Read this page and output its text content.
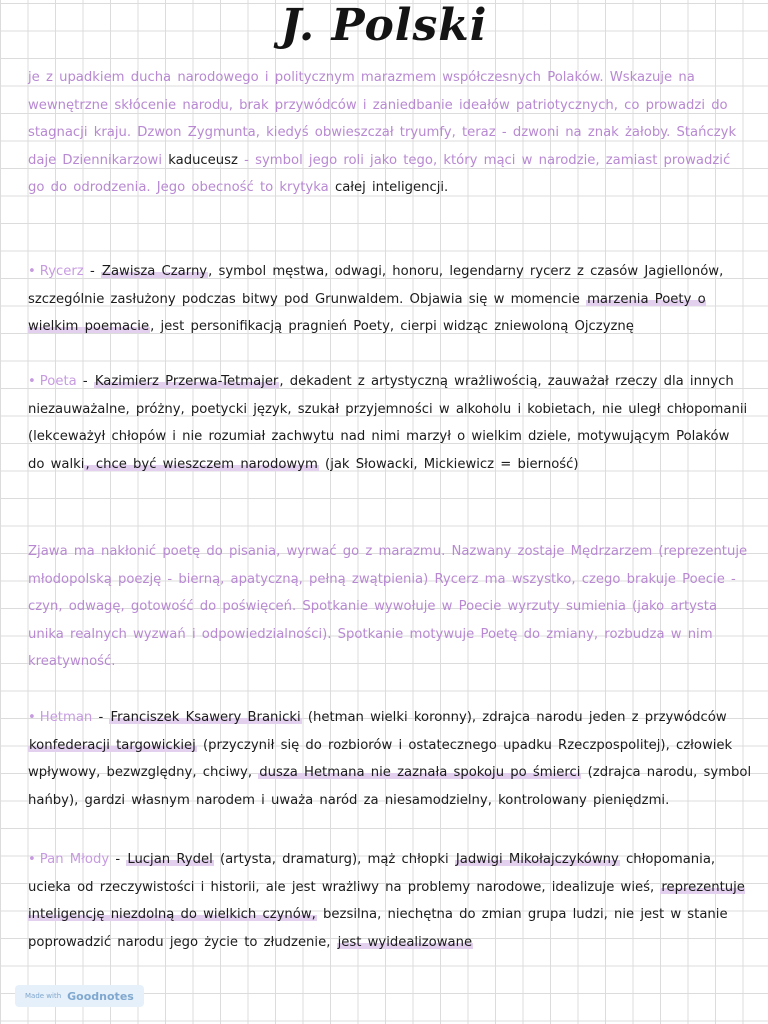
J. Polski
je z upadkiem ducha narodowego i politycznym marazmem współczesnych Polaków. Wskazuje na wewnętrzne skłócenie narodu, brak przywódców i zaniedbanie ideałów patriotycznych, co prowadzi do stagnacji kraju. Dzwon Zygmunta, kiedyś obwieszczał tryumfy, teraz - dzwoni na znak żałoby. Stańczyk daje Dziennikarzowi kaduceusz - symbol jego roli jako tego, który mąci w narodzie, zamiast prowadzić go do odrodzenia. Jego obecność to krytyka całej inteligencji.
• Rycerz - Zawisza Czarny, symbol męstwa, odwagi, honoru, legendarny rycerz z czasów Jagiellonów, szczególnie zasłużony podczas bitwy pod Grunwaldem. Objawia się w momencie marzenia Poety o wielkim poemacie, jest personifikacją pragnień Poety, cierpi widząc zniewoloną Ojczyznę
• Poeta - Kazimierz Przerwa-Tetmajer, dekadent z artystyczną wrażliwością, zauważał rzeczy dla innych niezauważalne, próżny, poetycki język, szukał przyjemności w alkoholu i kobietach, nie uległ chłopomanii (lekceważył chłopów i nie rozumiał zachwytu nad nimi marzył o wielkim dziele, motywującym Polaków do walki, chce być wieszczem narodowym (jak Słowacki, Mickiewicz = bierność)
Zjawa ma nakłonić poetę do pisania, wyrwać go z marazmu. Nazwany zostaje Mędrzarzem (reprezentuje młodopolską poezję - bierną, apatyczną, pełną zwątpienia) Rycerz ma wszystko, czego brakuje Poecie - czyn, odwagę, gotowość do poświęceń. Spotkanie wywołuje w Poecie wyrzuty sumienia (jako artysta unika realnych wyzwań i odpowiedzialności). Spotkanie motywuje Poetę do zmiany, rozbudza w nim kreatywność.
• Hetman - Franciszek Ksawery Branicki (hetman wielki koronny), zdrajca narodu jeden z przywódców konfederacji targowickiej (przyczynił się do rozbiorów i ostatecznego upadku Rzeczpospolitej), człowiek wpływowy, bezwzględny, chciwy, dusza Hetmana nie zaznała spokoju po śmierci (zdrajca narodu, symbol hańby), gardzi własnym narodem i uważa naród za niesamodzielny, kontrolowany pieniędzmi.
• Pan Młody - Lucjan Rydel (artysta, dramaturg), mąż chłopki Jadwigi Mikołajczykówny chłopomania, ucieka od rzeczywistości i historii, ale jest wrażliwy na problemy narodowe, idealizuje wieś, reprezentuje inteligencję niezdolną do wielkich czynów, bezsilna, niechętna do zmian grupa ludzi, nie jest w stanie poprowadzić narodu jego życie to złudzenie, jest wyidealizowane
Made with Goodnotes
